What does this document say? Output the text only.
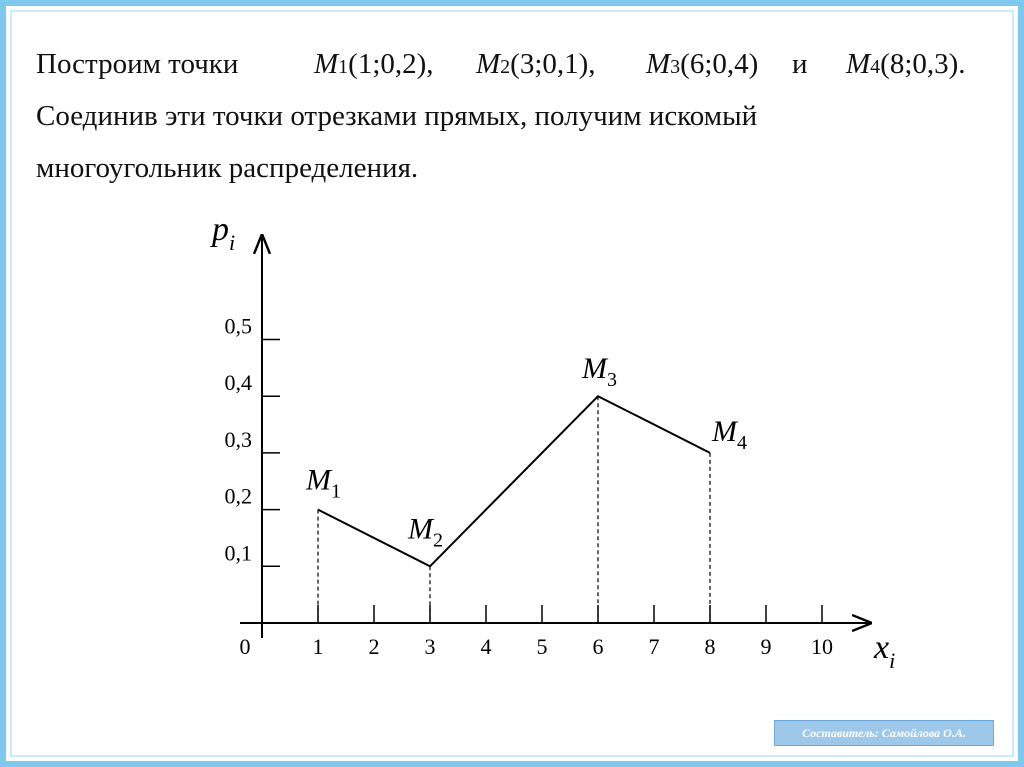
Построим точки	M1(1;0,2), M2(3;0,1), M3(6;0,4) и M4(8;0,3).
Соединив эти точки отрезками прямых, получим искомый
многоугольник распределения.
0,1
0,2
0,3
0,4
0,5
0	1 2 3 4 5 6 7 8 9 10
$M_1$
$M_2$
$M_3$
$M_4$
$p_i$
$x_i$
Составитель: Самойлова О.А.
